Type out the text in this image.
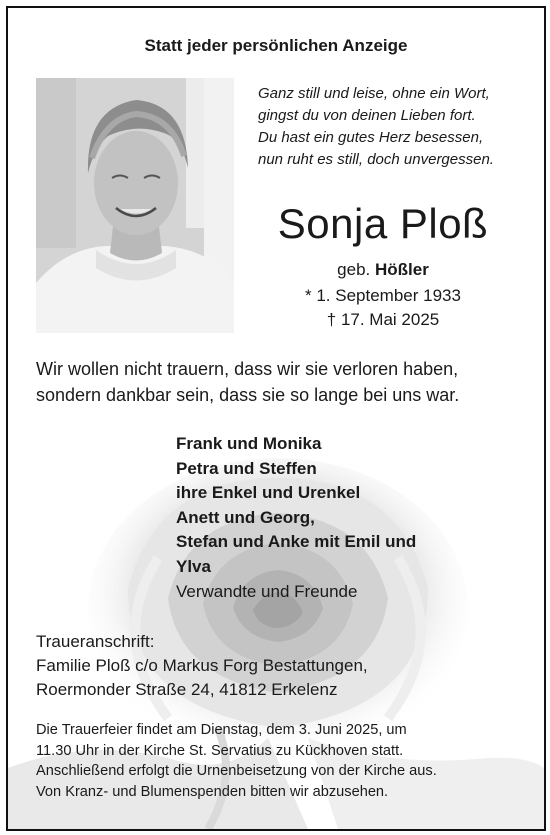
Statt jeder persönlichen Anzeige
Ganz still und leise, ohne ein Wort,
gingst du von deinen Lieben fort.
Du hast ein gutes Herz besessen,
nun ruht es still, doch unvergessen.
Sonja Ploß
geb. Hößler
* 1. September 1933
† 17. Mai 2025
Wir wollen nicht trauern, dass wir sie verloren haben,
sondern dankbar sein, dass sie so lange bei uns war.
Frank und Monika
Petra und Steffen
ihre Enkel und Urenkel
Anett und Georg,
Stefan und Anke mit Emil und
Ylva
Verwandte und Freunde
Traueranschrift:
Familie Ploß c/o Markus Forg Bestattungen,
Roermonder Straße 24, 41812 Erkelenz
Die Trauerfeier findet am Dienstag, dem 3. Juni 2025, um
11.30 Uhr in der Kirche St. Servatius zu Kückhoven statt.
Anschließend erfolgt die Urnenbeisetzung von der Kirche aus.
Von Kranz- und Blumenspenden bitten wir abzusehen.
